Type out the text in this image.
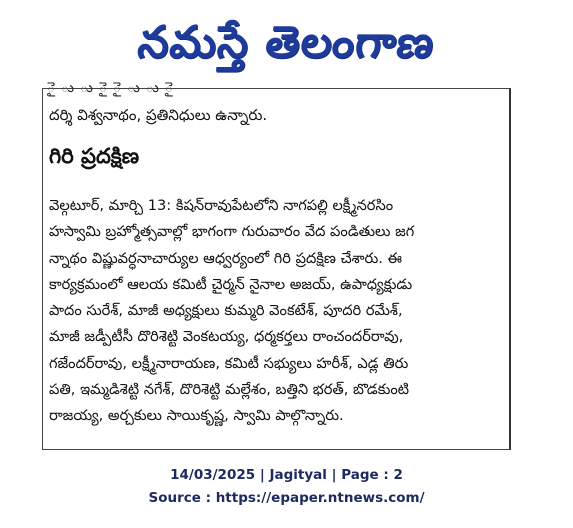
నమస్తే తెలంగాణ
ై ు ు ై ై ు ు ై
దర్శి విశ్వనాథం, ప్రతినిధులు ఉన్నారు.
గిరి ప్రదక్షిణ
వెల్గటూర్, మార్చి 13: కిషన్‌రావుపేటలోని నాగపల్లి లక్ష్మీనరసిం
హస్వామి బ్రహ్మోత్సవాల్లో భాగంగా గురువారం వేద పండితులు జగ
న్నాథం విష్ణువర్ధనాచార్యుల ఆధ్వర్యంలో గిరి ప్రదక్షిణ చేశారు. ఈ
కార్యక్రమంలో ఆలయ కమిటీ చైర్మన్ నైనాల అజయ్, ఉపాధ్యక్షుడు
పాదం సురేశ్, మాజీ అధ్యక్షులు కుమ్మరి వెంకటేశ్, పూదరి రమేశ్,
మాజీ జడ్పీటీసీ దొరిశెట్టి వెంకటయ్య, ధర్మకర్తలు రాంచందర్‌రావు,
గజేందర్‌రావు, లక్ష్మీనారాయణ, కమిటీ సభ్యులు హరీశ్, ఎడ్ల తిరు
పతి, ఇమ్మడిశెట్టి నగేశ్, దొరిశెట్టి మల్లేశం, బత్తిని భరత్, బొడకుంటి
రాజయ్య, అర్చకులు సాయికృష్ణ, స్వామి పాల్గొన్నారు.
14/03/2025 | Jagityal | Page : 2
Source : https://epaper.ntnews.com/
